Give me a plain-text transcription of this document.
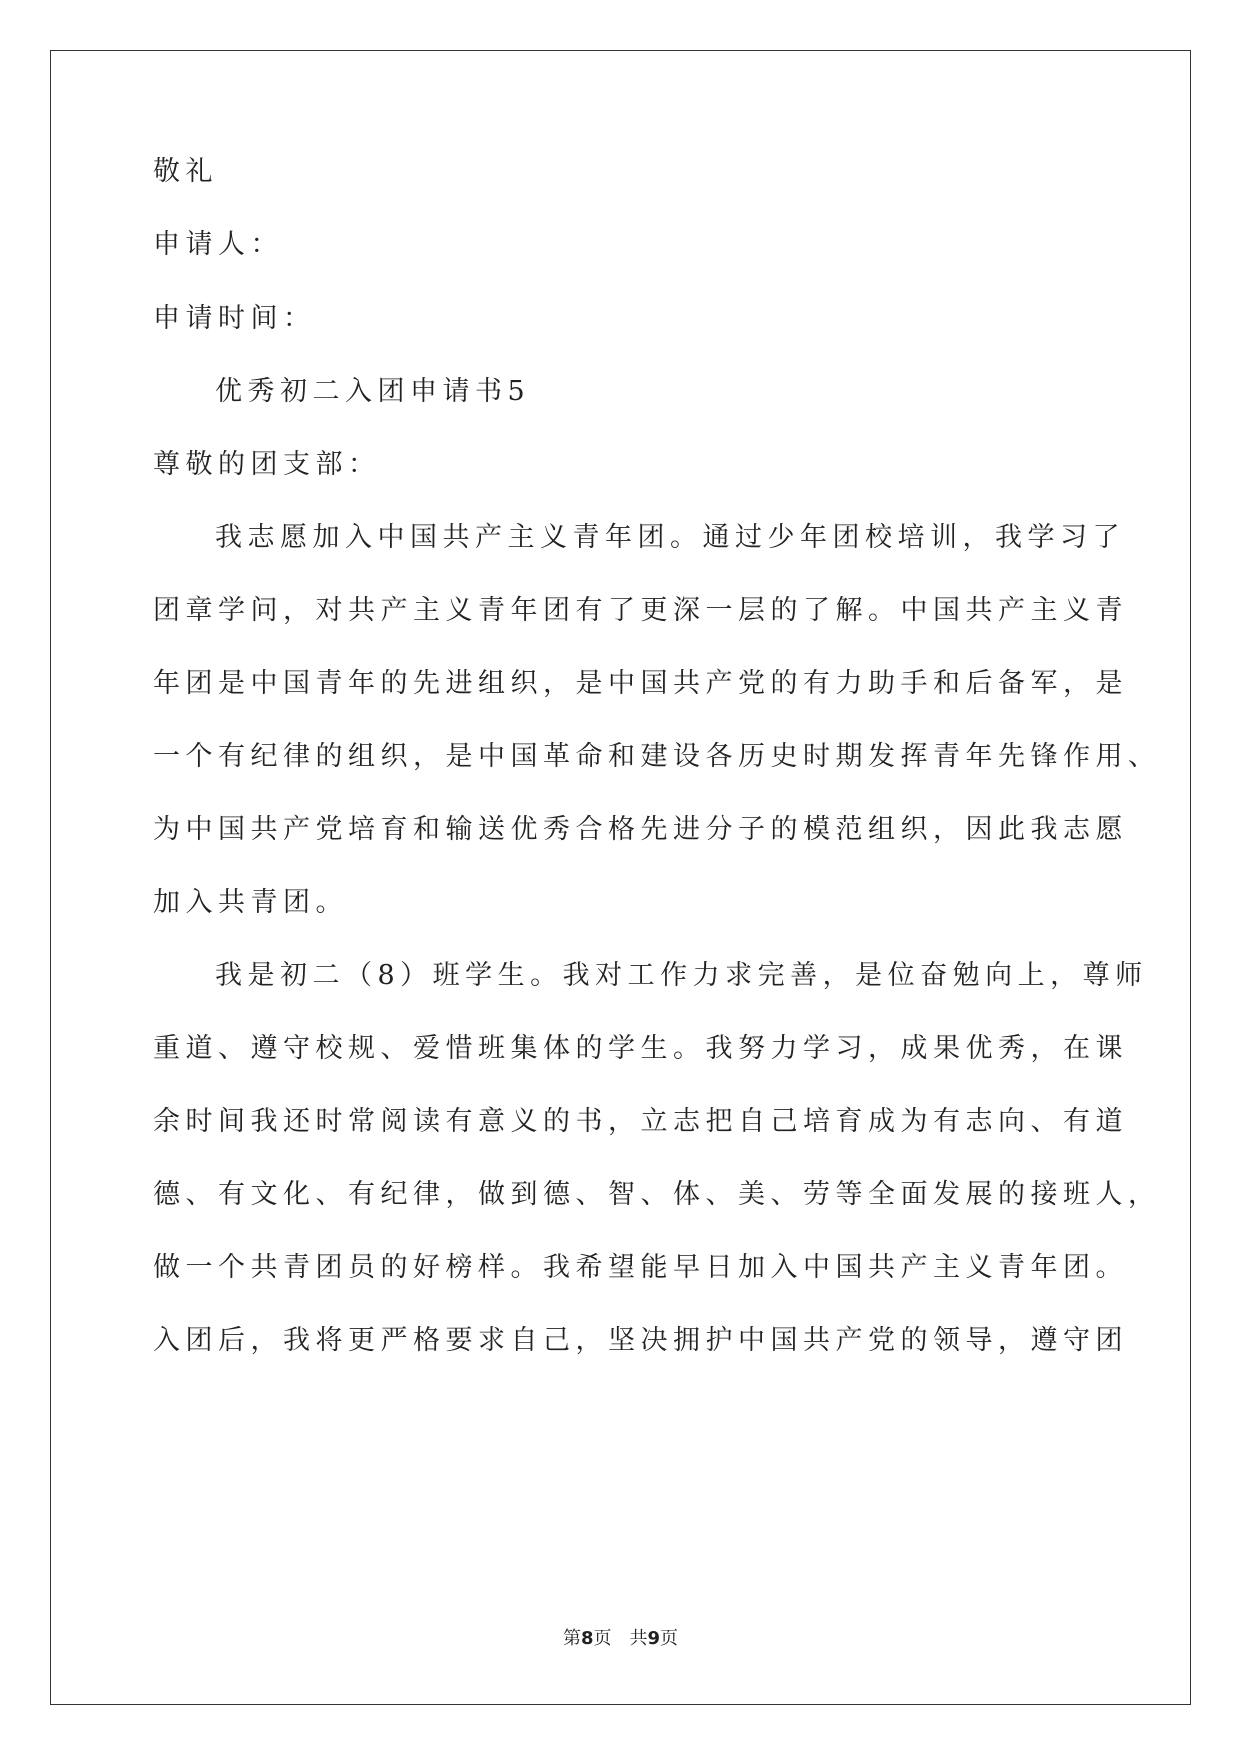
敬礼
申请人：
申请时间：
优秀初二入团申请书5
尊敬的团支部：
我志愿加入中国共产主义青年团。通过少年团校培训，我学习了
团章学问，对共产主义青年团有了更深一层的了解。中国共产主义青
年团是中国青年的先进组织，是中国共产党的有力助手和后备军，是
一个有纪律的组织，是中国革命和建设各历史时期发挥青年先锋作用、
为中国共产党培育和输送优秀合格先进分子的模范组织，因此我志愿
加入共青团。
我是初二（8）班学生。我对工作力求完善，是位奋勉向上，尊师
重道、遵守校规、爱惜班集体的学生。我努力学习，成果优秀，在课
余时间我还时常阅读有意义的书，立志把自己培育成为有志向、有道
德、有文化、有纪律，做到德、智、体、美、劳等全面发展的接班人，
做一个共青团员的好榜样。我希望能早日加入中国共产主义青年团。
入团后，我将更严格要求自己，坚决拥护中国共产党的领导，遵守团
第8页　共9页
